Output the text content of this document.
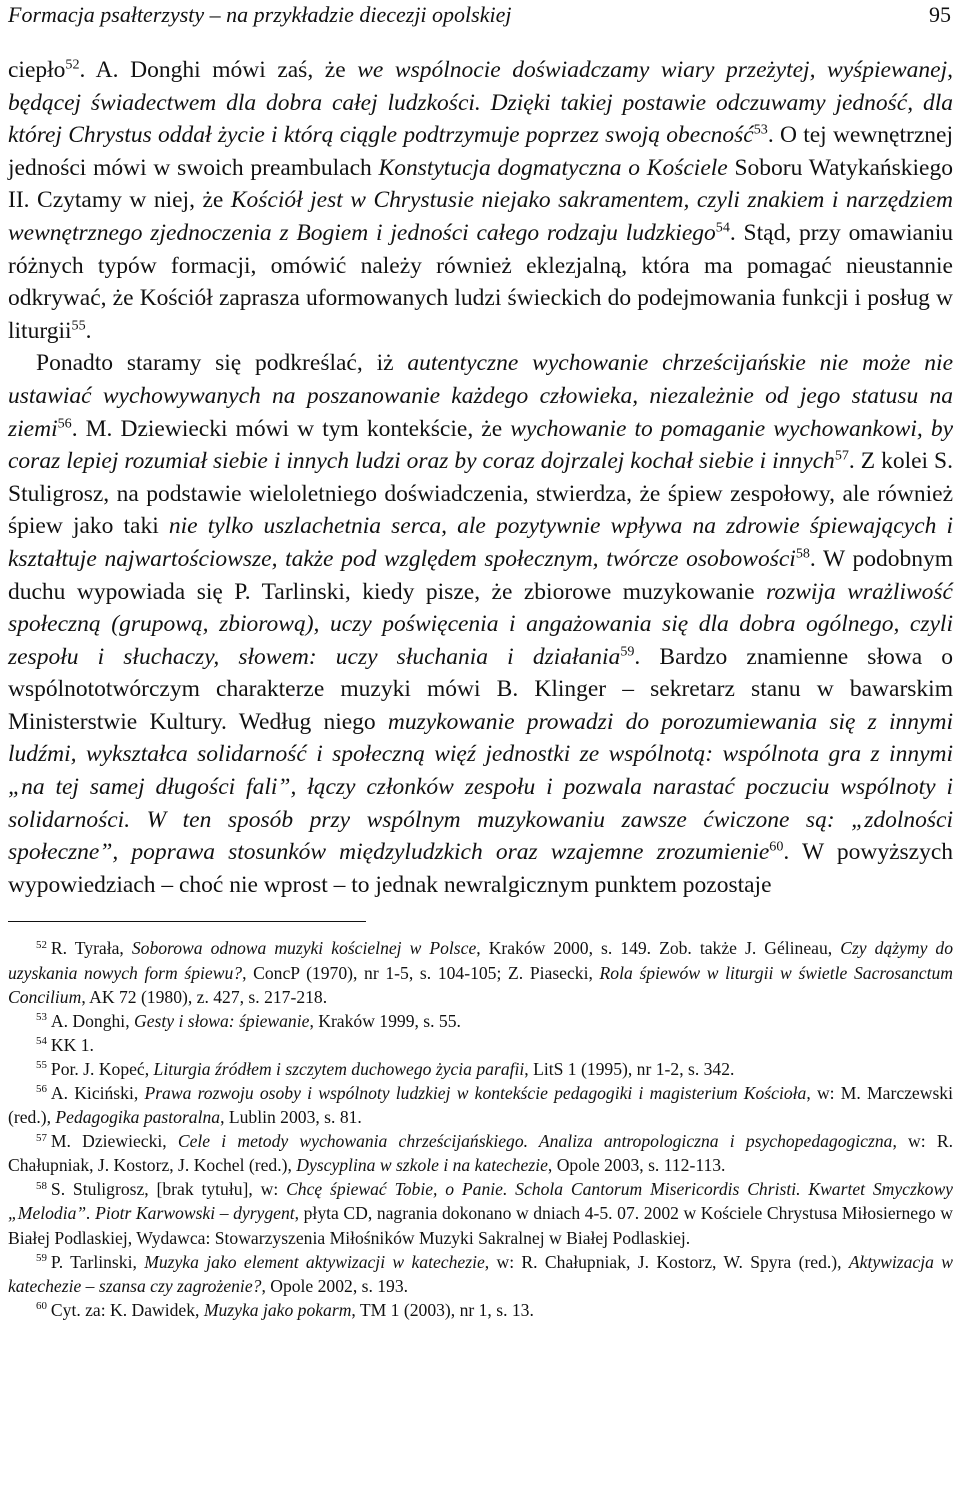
Formacja psałterzysty – na przykładzie diecezji opolskiej	95

ciepło$^{52}$. A. Donghi mówi zaś, że we wspólnocie doświadczamy wiary przeżytej, wyśpiewanej, będącej świadectwem dla dobra całej ludzkości. Dzięki takiej postawie odczuwamy jedność, dla której Chrystus oddał życie i którą ciągle podtrzymuje poprzez swoją obecność$^{53}$. O tej wewnętrznej jedności mówi w swoich preambulach Konstytucja dogmatyczna o Kościele Soboru Watykańskiego II. Czytamy w niej, że Kościół jest w Chrystusie niejako sakramentem, czyli znakiem i narzędziem wewnętrznego zjednoczenia z Bogiem i jedności całego rodzaju ludzkiego$^{54}$. Stąd, przy omawianiu różnych typów formacji, omówić należy również eklezjalną, która ma pomagać nieustannie odkrywać, że Kościół zaprasza uformowanych ludzi świeckich do podejmowania funkcji i posług w liturgii$^{55}$.

Ponadto staramy się podkreślać, iż autentyczne wychowanie chrześcijańskie nie może nie ustawiać wychowywanych na poszanowanie każdego człowieka, niezależnie od jego statusu na ziemi$^{56}$. M. Dziewiecki mówi w tym kontekście, że wychowanie to pomaganie wychowankowi, by coraz lepiej rozumiał siebie i innych ludzi oraz by coraz dojrzalej kochał siebie i innych$^{57}$. Z kolei S. Stuligrosz, na podstawie wieloletniego doświadczenia, stwierdza, że śpiew zespołowy, ale również śpiew jako taki nie tylko uszlachetnia serca, ale pozytywnie wpływa na zdrowie śpiewających i kształtuje najwartościowsze, także pod względem społecznym, twórcze osobowości$^{58}$. W podobnym duchu wypowiada się P. Tarlinski, kiedy pisze, że zbiorowe muzykowanie rozwija wrażliwość społeczną (grupową, zbiorową), uczy poświęcenia i angażowania się dla dobra ogólnego, czyli zespołu i słuchaczy, słowem: uczy słuchania i działania$^{59}$. Bardzo znamienne słowa o wspólnototwórczym charakterze muzyki mówi B. Klinger – sekretarz stanu w bawarskim Ministerstwie Kultury. Według niego muzykowanie prowadzi do porozumiewania się z innymi ludźmi, wykształca solidarność i społeczną więź jednostki ze wspólnotą: wspólnota gra z innymi „na tej samej długości fali”, łączy członków zespołu i pozwala narastać poczuciu wspólnoty i solidarności. W ten sposób przy wspólnym muzykowaniu zawsze ćwiczone są: „zdolności społeczne”, poprawa stosunków międzyludzkich oraz wzajemne zrozumienie$^{60}$. W powyższych wypowiedziach – choć nie wprost – to jednak newralgicznym punktem pozostaje

$^{52}$ R. Tyrała, Soborowa odnowa muzyki kościelnej w Polsce, Kraków 2000, s. 149. Zob. także J. Gélineau, Czy dążymy do uzyskania nowych form śpiewu?, ConcP (1970), nr 1-5, s. 104-105; Z. Piasecki, Rola śpiewów w liturgii w świetle Sacrosanctum Concilium, AK 72 (1980), z. 427, s. 217-218.

$^{53}$ A. Donghi, Gesty i słowa: śpiewanie, Kraków 1999, s. 55.

$^{54}$ KK 1.

$^{55}$ Por. J. Kopeć, Liturgia źródłem i szczytem duchowego życia parafii, LitS 1 (1995), nr 1-2, s. 342.

$^{56}$ A. Kiciński, Prawa rozwoju osoby i wspólnoty ludzkiej w kontekście pedagogiki i magisterium Kościoła, w: M. Marczewski (red.), Pedagogika pastoralna, Lublin 2003, s. 81.

$^{57}$ M. Dziewiecki, Cele i metody wychowania chrześcijańskiego. Analiza antropologiczna i psychopedagogiczna, w: R. Chałupniak, J. Kostorz, J. Kochel (red.), Dyscyplina w szkole i na katechezie, Opole 2003, s. 112-113.

$^{58}$ S. Stuligrosz, [brak tytułu], w: Chcę śpiewać Tobie, o Panie. Schola Cantorum Misericordis Christi. Kwartet Smyczkowy „Melodia”. Piotr Karwowski – dyrygent, płyta CD, nagrania dokonano w dniach 4-5. 07. 2002 w Kościele Chrystusa Miłosiernego w Białej Podlaskiej, Wydawca: Stowarzyszenia Miłośników Muzyki Sakralnej w Białej Podlaskiej.

$^{59}$ P. Tarlinski, Muzyka jako element aktywizacji w katechezie, w: R. Chałupniak, J. Kostorz, W. Spyra (red.), Aktywizacja w katechezie – szansa czy zagrożenie?, Opole 2002, s. 193.

$^{60}$ Cyt. za: K. Dawidek, Muzyka jako pokarm, TM 1 (2003), nr 1, s. 13.
